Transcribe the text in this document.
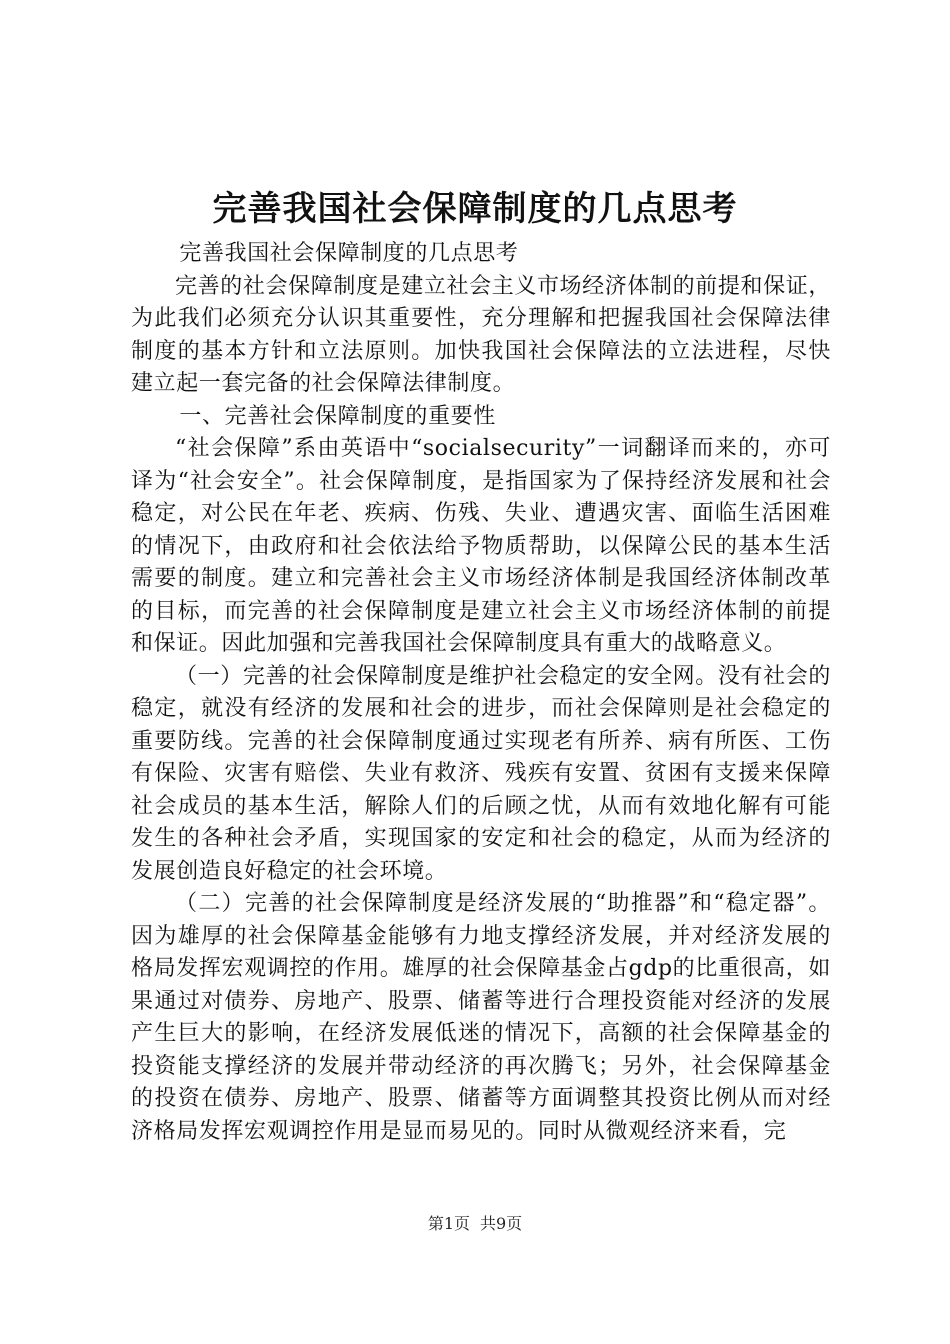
完善我国社会保障制度的几点思考

完善我国社会保障制度的几点思考

完善的社会保障制度是建立社会主义市场经济体制的前提和保证，为此我们必须充分认识其重要性，充分理解和把握我国社会保障法律制度的基本方针和立法原则。加快我国社会保障法的立法进程，尽快建立起一套完备的社会保障法律制度。

一、完善社会保障制度的重要性

“社会保障”系由英语中“socialsecurity”一词翻译而来的，亦可译为“社会安全”。社会保障制度，是指国家为了保持经济发展和社会稳定，对公民在年老、疾病、伤残、失业、遭遇灾害、面临生活困难的情况下，由政府和社会依法给予物质帮助，以保障公民的基本生活需要的制度。建立和完善社会主义市场经济体制是我国经济体制改革的目标，而完善的社会保障制度是建立社会主义市场经济体制的前提和保证。因此加强和完善我国社会保障制度具有重大的战略意义。

（一）完善的社会保障制度是维护社会稳定的安全网。没有社会的稳定，就没有经济的发展和社会的进步，而社会保障则是社会稳定的重要防线。完善的社会保障制度通过实现老有所养、病有所医、工伤有保险、灾害有赔偿、失业有救济、残疾有安置、贫困有支援来保障社会成员的基本生活，解除人们的后顾之忧，从而有效地化解有可能发生的各种社会矛盾，实现国家的安定和社会的稳定，从而为经济的发展创造良好稳定的社会环境。

（二）完善的社会保障制度是经济发展的“助推器”和“稳定器”。因为雄厚的社会保障基金能够有力地支撑经济发展，并对经济发展的格局发挥宏观调控的作用。雄厚的社会保障基金占gdp的比重很高，如果通过对债券、房地产、股票、储蓄等进行合理投资能对经济的发展产生巨大的影响，在经济发展低迷的情况下，高额的社会保障基金的投资能支撑经济的发展并带动经济的再次腾飞；另外，社会保障基金的投资在债券、房地产、股票、储蓄等方面调整其投资比例从而对经济格局发挥宏观调控作用是显而易见的。同时从微观经济来看，完

第1页 共9页
